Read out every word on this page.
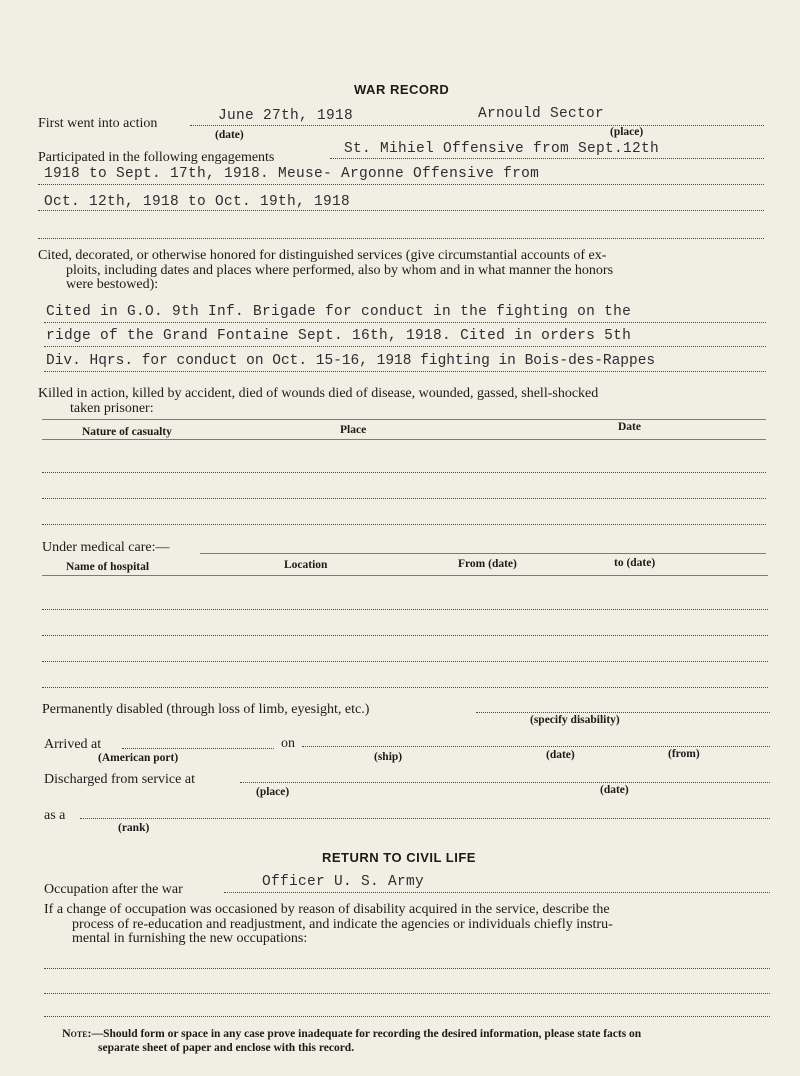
WAR RECORD
First went into action	June 27th, 1918	Arnould Sector
(date)	(place)
Participated in the following engagements
St. Mihiel Offensive from Sept.12th
1918 to Sept. 17th, 1918. Meuse- Argonne Offensive from
Oct. 12th, 1918 to Oct. 19th, 1918
Cited, decorated, or otherwise honored for distinguished services (give circumstantial accounts of ex-
ploits, including dates and places where performed, also by whom and in what manner the honors
were bestowed):
Cited in G.O. 9th Inf. Brigade for conduct in the fighting on the
ridge of the Grand Fontaine Sept. 16th, 1918. Cited in orders 5th
Div. Hqrs. for conduct on Oct. 15-16, 1918 fighting in Bois-des-Rappes
Killed in action, killed by accident, died of wounds died of disease, wounded, gassed, shell-shocked
taken prisoner:
Nature of casualty	Place	Date
Under medical care:—
Name of hospital	Location	From (date)	to (date)
Permanently disabled (through loss of limb, eyesight, etc.)
(specify disability)
Arrived at	on
(American port)	(ship)	(date)	(from)
Discharged from service at
(place)	(date)
as a
(rank)
RETURN TO CIVIL LIFE
Occupation after the war	Officer U. S. Army
If a change of occupation was occasioned by reason of disability acquired in the service, describe the
process of re-education and readjustment, and indicate the agencies or individuals chiefly instru-
mental in furnishing the new occupations:
Note:—Should form or space in any case prove inadequate for recording the desired information, please state facts on
separate sheet of paper and enclose with this record.
